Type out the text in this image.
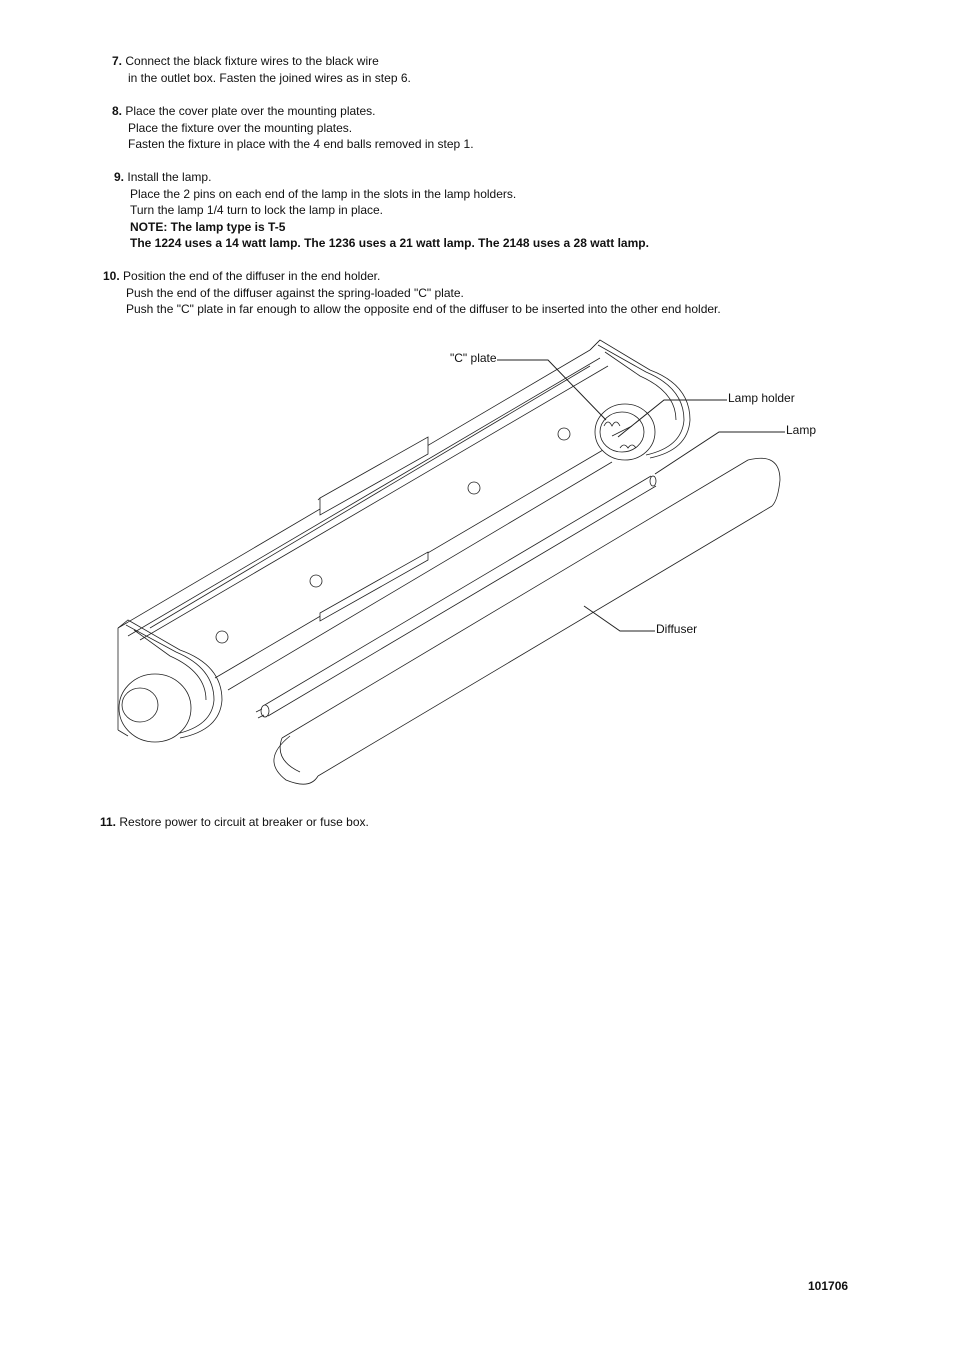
7. Connect the black fixture wires to the black wire
in the outlet box. Fasten the joined wires as in step 6.
8. Place the cover plate over the mounting plates.
Place the fixture over the mounting plates.
Fasten the fixture in place with the 4 end balls removed in step 1.
9. Install the lamp.
Place the 2 pins on each end of the lamp in the slots in the lamp holders.
Turn the lamp 1/4 turn to lock the lamp in place.
NOTE: The lamp type is T-5
The 1224 uses a 14 watt lamp. The 1236 uses a 21 watt lamp. The 2148 uses a 28 watt lamp.
10. Position the end of the diffuser in the end holder.
Push the end of the diffuser against the spring-loaded "C" plate.
Push the "C" plate in far enough to allow the opposite end of the diffuser to be inserted into the other end holder.
11. Restore power to circuit at breaker or fuse box.
"C" plate
Lamp holder
Lamp
Diffuser
101706
